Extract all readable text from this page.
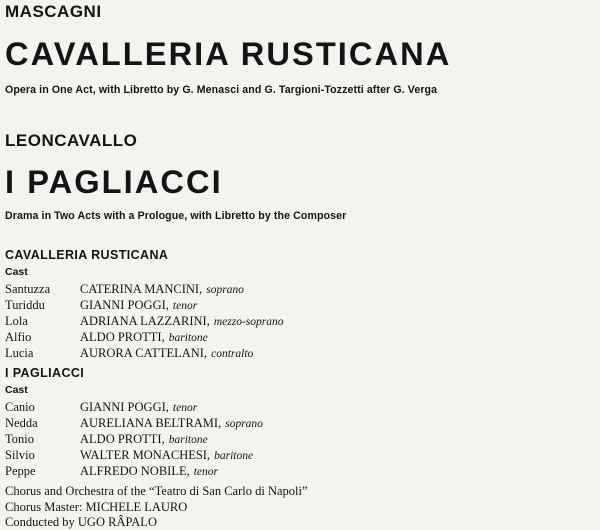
MASCAGNI
CAVALLERIA RUSTICANA
Opera in One Act, with Libretto by G. Menasci and G. Targioni-Tozzetti after G. Verga
LEONCAVALLO
I PAGLIACCI
Drama in Two Acts with a Prologue, with Libretto by the Composer
CAVALLERIA RUSTICANA
Cast
Santuzza CATERINA MANCINI, soprano
Turiddu	GIANNI POGGI, tenor
Lola	ADRIANA LAZZARINI, mezzo-soprano
Alfio	ALDO PROTTI, baritone
Lucia	AURORA CATTELANI, contralto
I PAGLIACCI
Cast
Canio	GIANNI POGGI, tenor
Nedda	AURELIANA BELTRAMI, soprano
Tonio	ALDO PROTTI, baritone
Silvio	WALTER MONACHESI, baritone
Peppe	ALFREDO NOBILE, tenor
Chorus and Orchestra of the “Teatro di San Carlo di Napoli”
Chorus Master: MICHELE LAURO
Conducted by UGO RÂPALO
